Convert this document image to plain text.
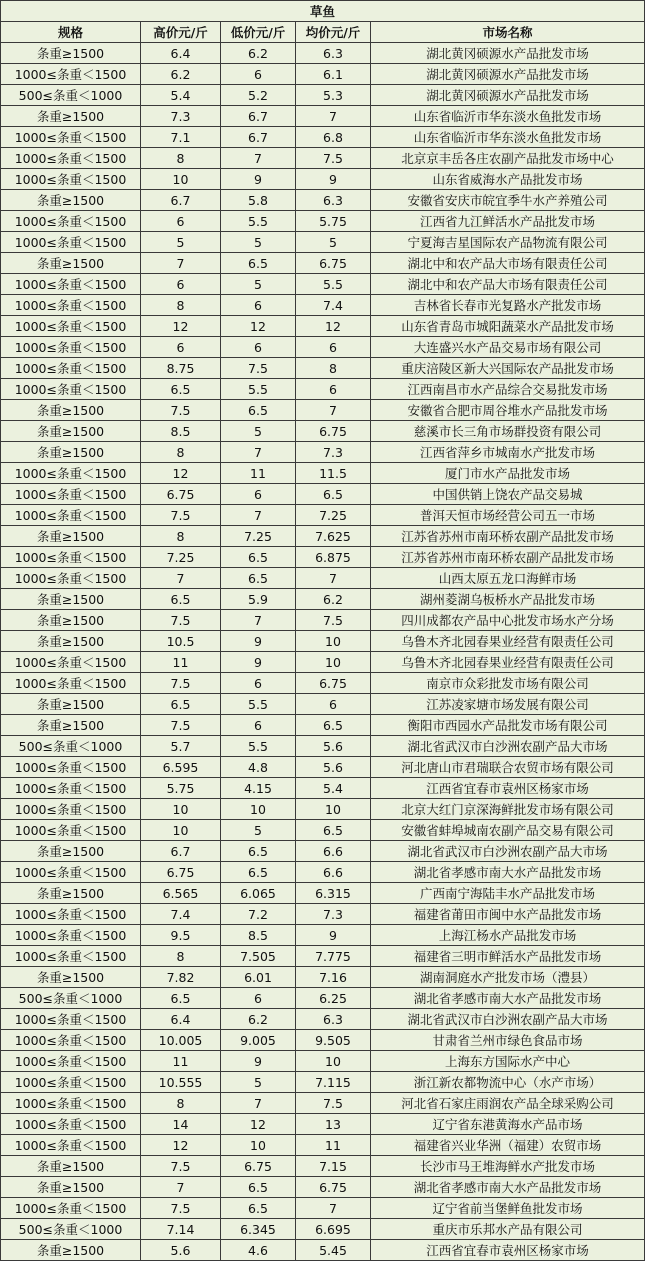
草鱼				
规格	高价元/斤	低价元/斤	均价元/斤	市场名称
条重≥1500	6.4	6.2	6.3	湖北黄冈硕源水产品批发市场
1000≤条重＜1500	6.2	6	6.1	湖北黄冈硕源水产品批发市场
500≤条重＜1000	5.4	5.2	5.3	湖北黄冈硕源水产品批发市场
条重≥1500	7.3	6.7	7	山东省临沂市华东淡水鱼批发市场
1000≤条重＜1500	7.1	6.7	6.8	山东省临沂市华东淡水鱼批发市场
1000≤条重＜1500	8	7	7.5	北京京丰岳各庄农副产品批发市场中心
1000≤条重＜1500	10	9	9	山东省威海水产品批发市场
条重≥1500	6.7	5.8	6.3	安徽省安庆市皖宜季牛水产养殖公司
1000≤条重＜1500	6	5.5	5.75	江西省九江鲜活水产品批发市场
1000≤条重＜1500	5	5	5	宁夏海吉星国际农产品物流有限公司
条重≥1500	7	6.5	6.75	湖北中和农产品大市场有限责任公司
1000≤条重＜1500	6	5	5.5	湖北中和农产品大市场有限责任公司
1000≤条重＜1500	8	6	7.4	吉林省长春市光复路水产批发市场
1000≤条重＜1500	12	12	12	山东省青岛市城阳蔬菜水产品批发市场
1000≤条重＜1500	6	6	6	大连盛兴水产品交易市场有限公司
1000≤条重＜1500	8.75	7.5	8	重庆涪陵区新大兴国际农产品批发市场
1000≤条重＜1500	6.5	5.5	6	江西南昌市水产品综合交易批发市场
条重≥1500	7.5	6.5	7	安徽省合肥市周谷堆水产品批发市场
条重≥1500	8.5	5	6.75	慈溪市长三角市场群投资有限公司
条重≥1500	8	7	7.3	江西省萍乡市城南水产批发市场
1000≤条重＜1500	12	11	11.5	厦门市水产品批发市场
1000≤条重＜1500	6.75	6	6.5	中国供销上饶农产品交易城
1000≤条重＜1500	7.5	7	7.25	普洱天恒市场经营公司五一市场
条重≥1500	8	7.25	7.625	江苏省苏州市南环桥农副产品批发市场
1000≤条重＜1500	7.25	6.5	6.875	江苏省苏州市南环桥农副产品批发市场
1000≤条重＜1500	7	6.5	7	山西太原五龙口海鲜市场
条重≥1500	6.5	5.9	6.2	湖州菱湖乌板桥水产品批发市场
条重≥1500	7.5	7	7.5	四川成都农产品中心批发市场水产分场
条重≥1500	10.5	9	10	乌鲁木齐北园春果业经营有限责任公司
1000≤条重＜1500	11	9	10	乌鲁木齐北园春果业经营有限责任公司
1000≤条重＜1500	7.5	6	6.75	南京市众彩批发市场有限公司
条重≥1500	6.5	5.5	6	江苏凌家塘市场发展有限公司
条重≥1500	7.5	6	6.5	衡阳市西园水产品批发市场有限公司
500≤条重＜1000	5.7	5.5	5.6	湖北省武汉市白沙洲农副产品大市场
1000≤条重＜1500	6.595	4.8	5.6	河北唐山市君瑞联合农贸市场有限公司
1000≤条重＜1500	5.75	4.15	5.4	江西省宜春市袁州区杨家市场
1000≤条重＜1500	10	10	10	北京大红门京深海鲜批发市场有限公司
1000≤条重＜1500	10	5	6.5	安徽省蚌埠城南农副产品交易有限公司
条重≥1500	6.7	6.5	6.6	湖北省武汉市白沙洲农副产品大市场
1000≤条重＜1500	6.75	6.5	6.6	湖北省孝感市南大水产品批发市场
条重≥1500	6.565	6.065	6.315	广西南宁海陆丰水产品批发市场
1000≤条重＜1500	7.4	7.2	7.3	福建省莆田市闽中水产品批发市场
1000≤条重＜1500	9.5	8.5	9	上海江杨水产品批发市场
1000≤条重＜1500	8	7.505	7.775	福建省三明市鲜活水产品批发市场
条重≥1500	7.82	6.01	7.16	湖南洞庭水产批发市场（澧县）
500≤条重＜1000	6.5	6	6.25	湖北省孝感市南大水产品批发市场
1000≤条重＜1500	6.4	6.2	6.3	湖北省武汉市白沙洲农副产品大市场
1000≤条重＜1500	10.005	9.005	9.505	甘肃省兰州市绿色食品市场
1000≤条重＜1500	11	9	10	上海东方国际水产中心
1000≤条重＜1500	10.555	5	7.115	浙江新农都物流中心（水产市场）
1000≤条重＜1500	8	7	7.5	河北省石家庄雨润农产品全球采购公司
1000≤条重＜1500	14	12	13	辽宁省东港黄海水产品市场
1000≤条重＜1500	12	10	11	福建省兴业华洲（福建）农贸市场
条重≥1500	7.5	6.75	7.15	长沙市马王堆海鲜水产批发市场
条重≥1500	7	6.5	6.75	湖北省孝感市南大水产品批发市场
1000≤条重＜1500	7.5	6.5	7	辽宁省前当堡鲜鱼批发市场
500≤条重＜1000	7.14	6.345	6.695	重庆市乐邦水产品有限公司
条重≥1500	5.6	4.6	5.45	江西省宜春市袁州区杨家市场
